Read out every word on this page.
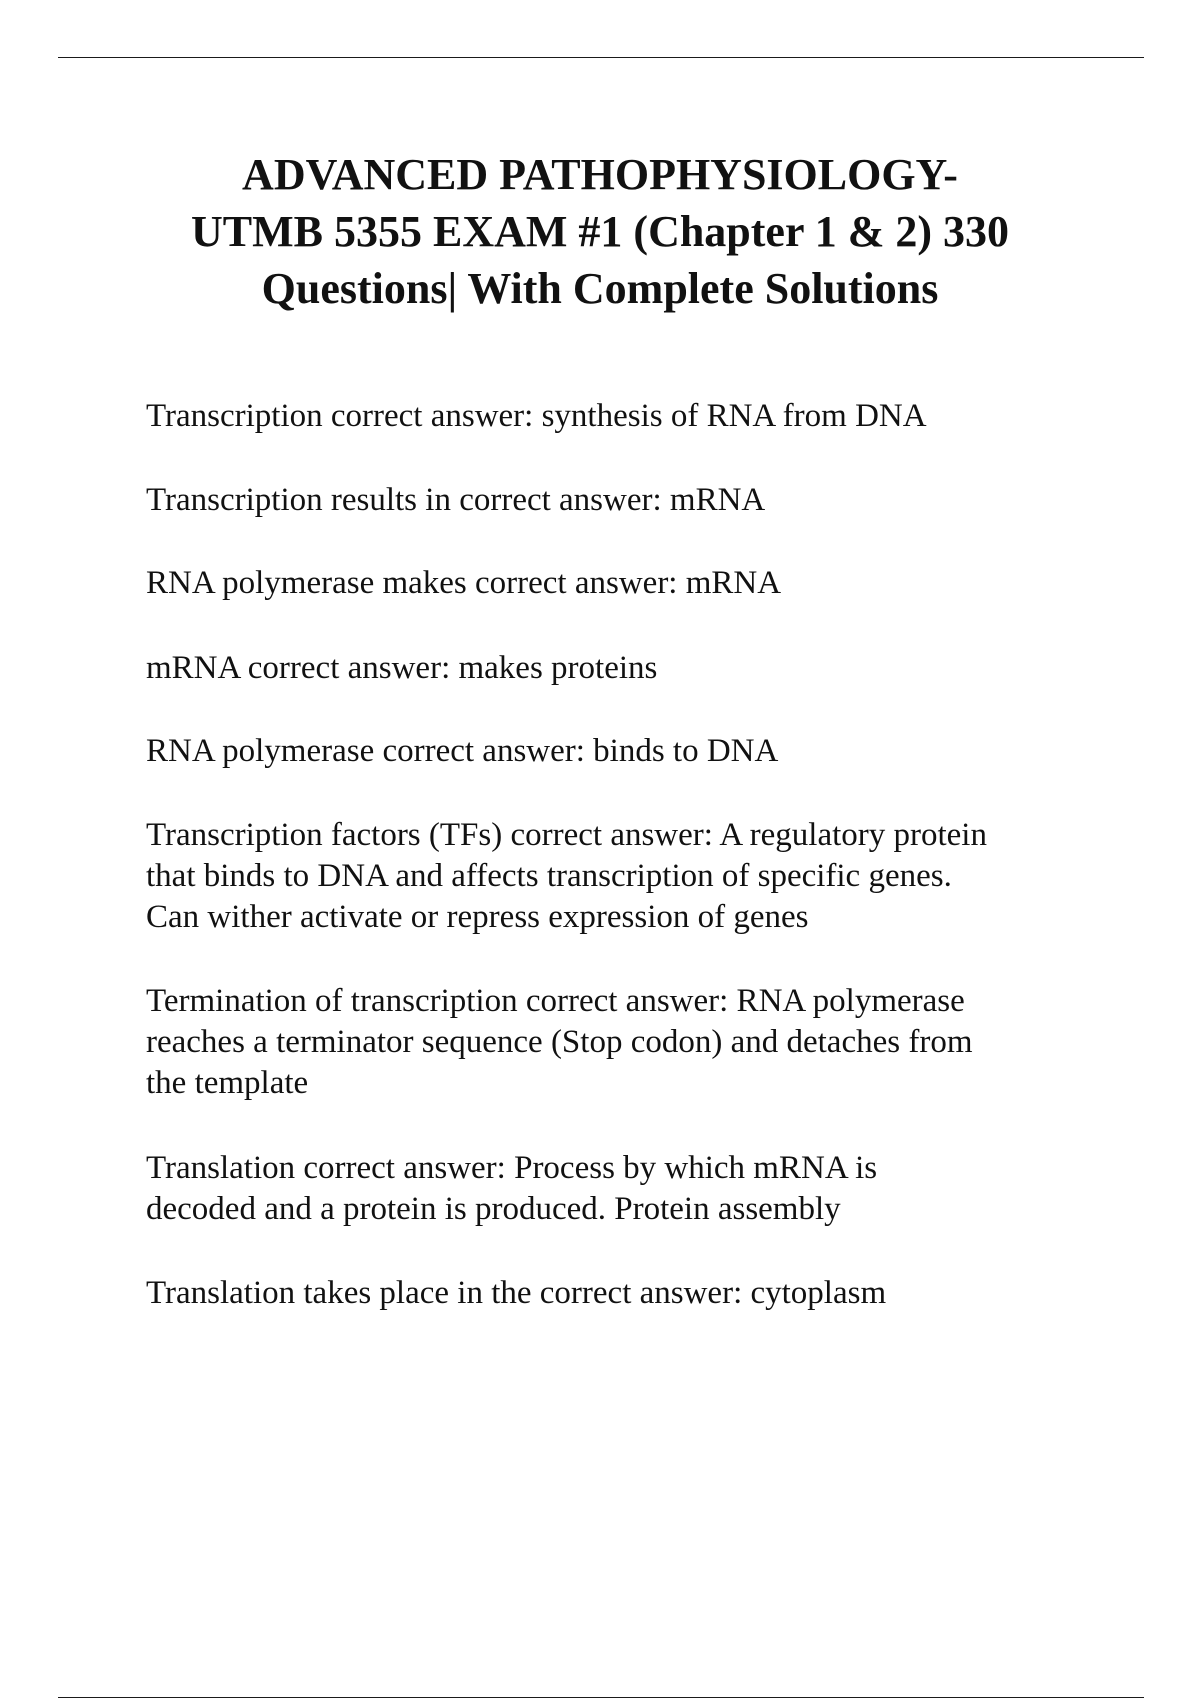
ADVANCED PATHOPHYSIOLOGY-
UTMB 5355 EXAM #1 (Chapter 1 & 2) 330
Questions| With Complete Solutions
Transcription correct answer: synthesis of RNA from DNA
Transcription results in correct answer: mRNA
RNA polymerase makes correct answer: mRNA
mRNA correct answer: makes proteins
RNA polymerase correct answer: binds to DNA
Transcription factors (TFs) correct answer: A regulatory protein
that binds to DNA and affects transcription of specific genes.
Can wither activate or repress expression of genes
Termination of transcription correct answer: RNA polymerase
reaches a terminator sequence (Stop codon) and detaches from
the template
Translation correct answer: Process by which mRNA is
decoded and a protein is produced. Protein assembly
Translation takes place in the correct answer: cytoplasm
